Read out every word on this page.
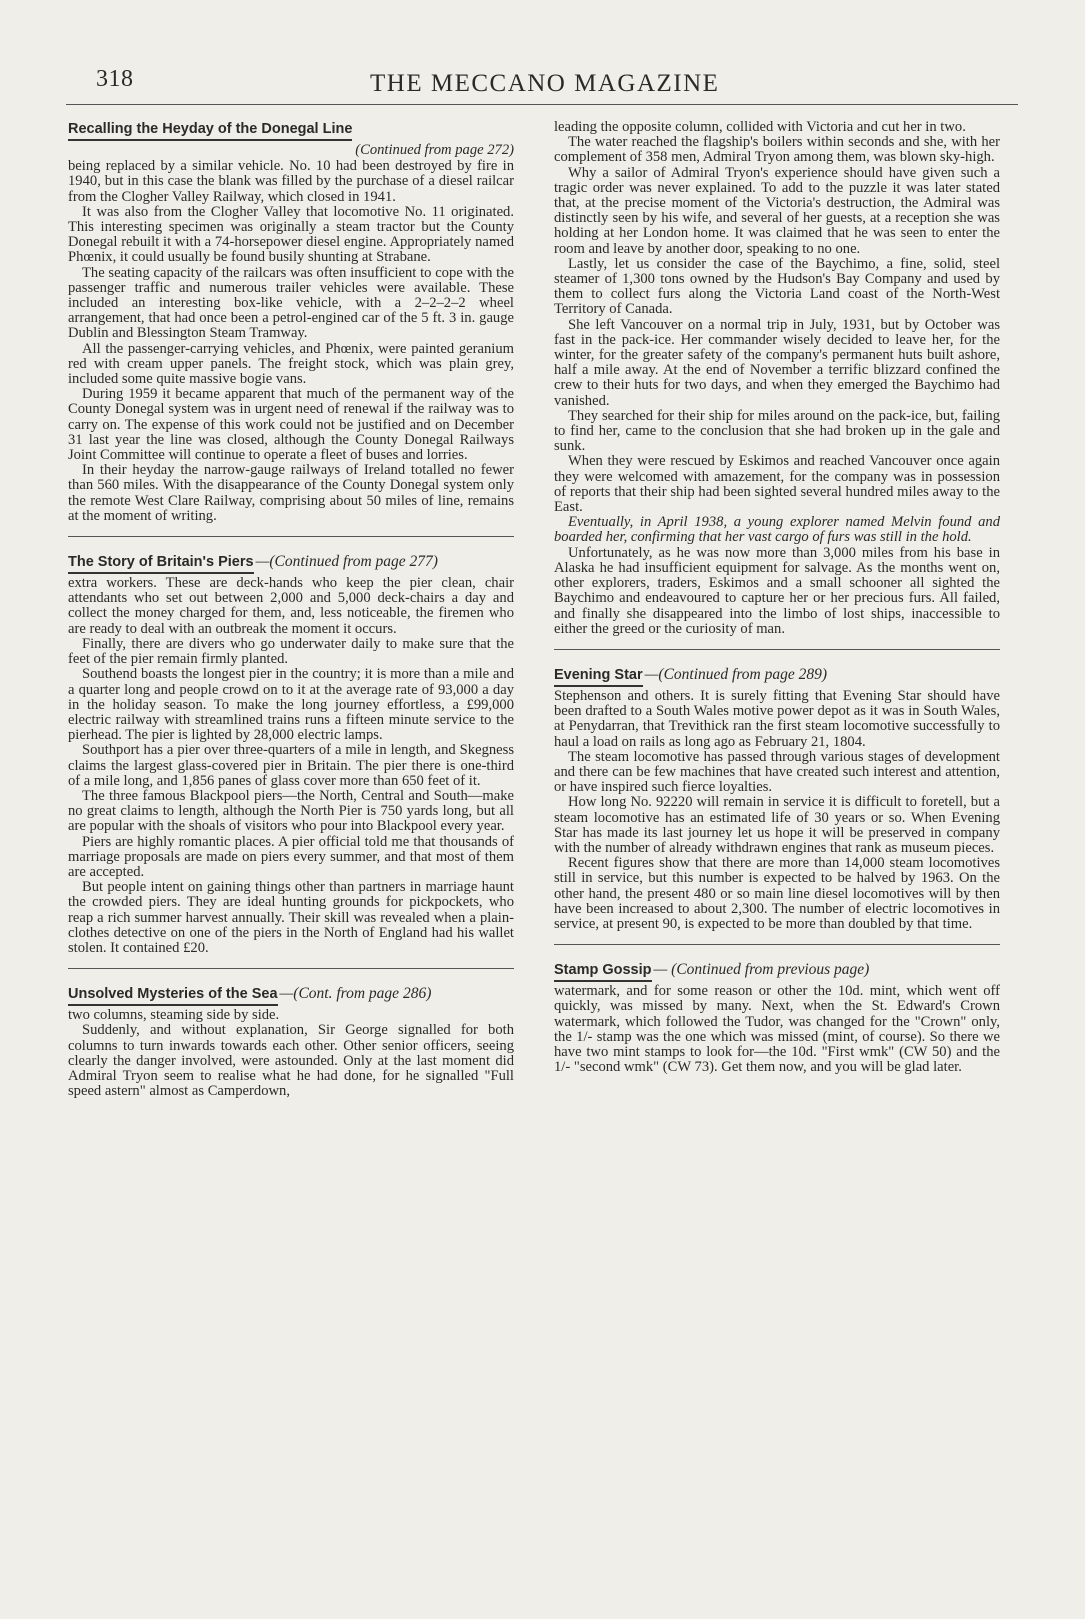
318	THE MECCANO MAGAZINE
Recalling the Heyday of the Donegal Line
(Continued from page 272)

being replaced by a similar vehicle. No. 10 had been destroyed by fire in 1940, but in this case the blank was filled by the purchase of a diesel railcar from the Clogher Valley Railway, which closed in 1941.

It was also from the Clogher Valley that locomotive No. 11 originated. This interesting specimen was originally a steam tractor but the County Donegal rebuilt it with a 74-horsepower diesel engine. Appropriately named Phœnix, it could usually be found busily shunting at Strabane.

The seating capacity of the railcars was often insufficient to cope with the passenger traffic and numerous trailer vehicles were available. These included an interesting box-like vehicle, with a 2–2–2–2 wheel arrangement, that had once been a petrol-engined car of the 5 ft. 3 in. gauge Dublin and Blessington Steam Tramway.

All the passenger-carrying vehicles, and Phœnix, were painted geranium red with cream upper panels. The freight stock, which was plain grey, included some quite massive bogie vans.

During 1959 it became apparent that much of the permanent way of the County Donegal system was in urgent need of renewal if the railway was to carry on. The expense of this work could not be justified and on December 31 last year the line was closed, although the County Donegal Railways Joint Committee will continue to operate a fleet of buses and lorries.

In their heyday the narrow-gauge railways of Ireland totalled no fewer than 560 miles. With the disappearance of the County Donegal system only the remote West Clare Railway, comprising about 50 miles of line, remains at the moment of writing.

The Story of Britain's Piers —(Continued from page 277)

extra workers. These are deck-hands who keep the pier clean, chair attendants who set out between 2,000 and 5,000 deck-chairs a day and collect the money charged for them, and, less noticeable, the firemen who are ready to deal with an outbreak the moment it occurs.

Finally, there are divers who go underwater daily to make sure that the feet of the pier remain firmly planted.

Southend boasts the longest pier in the country; it is more than a mile and a quarter long and people crowd on to it at the average rate of 93,000 a day in the holiday season. To make the long journey effortless, a £99,000 electric railway with streamlined trains runs a fifteen minute service to the pierhead. The pier is lighted by 28,000 electric lamps.

Southport has a pier over three-quarters of a mile in length, and Skegness claims the largest glass-covered pier in Britain. The pier there is one-third of a mile long, and 1,856 panes of glass cover more than 650 feet of it.

The three famous Blackpool piers—the North, Central and South—make no great claims to length, although the North Pier is 750 yards long, but all are popular with the shoals of visitors who pour into Blackpool every year.

Piers are highly romantic places. A pier official told me that thousands of marriage proposals are made on piers every summer, and that most of them are accepted.

But people intent on gaining things other than partners in marriage haunt the crowded piers. They are ideal hunting grounds for pickpockets, who reap a rich summer harvest annually. Their skill was revealed when a plain-clothes detective on one of the piers in the North of England had his wallet stolen. It contained £20.

Unsolved Mysteries of the Sea —(Cont. from page 286)

two columns, steaming side by side.

Suddenly, and without explanation, Sir George signalled for both columns to turn inwards towards each other. Other senior officers, seeing clearly the danger involved, were astounded. Only at the last moment did Admiral Tryon seem to realise what he had done, for he signalled "Full speed astern" almost as Camperdown,

leading the opposite column, collided with Victoria and cut her in two.

The water reached the flagship's boilers within seconds and she, with her complement of 358 men, Admiral Tryon among them, was blown sky-high.

Why a sailor of Admiral Tryon's experience should have given such a tragic order was never explained. To add to the puzzle it was later stated that, at the precise moment of the Victoria's destruction, the Admiral was distinctly seen by his wife, and several of her guests, at a reception she was holding at her London home. It was claimed that he was seen to enter the room and leave by another door, speaking to no one.

Lastly, let us consider the case of the Baychimo, a fine, solid, steel steamer of 1,300 tons owned by the Hudson's Bay Company and used by them to collect furs along the Victoria Land coast of the North-West Territory of Canada.

She left Vancouver on a normal trip in July, 1931, but by October was fast in the pack-ice. Her commander wisely decided to leave her, for the winter, for the greater safety of the company's permanent huts built ashore, half a mile away. At the end of November a terrific blizzard confined the crew to their huts for two days, and when they emerged the Baychimo had vanished.

They searched for their ship for miles around on the pack-ice, but, failing to find her, came to the conclusion that she had broken up in the gale and sunk.

When they were rescued by Eskimos and reached Vancouver once again they were welcomed with amazement, for the company was in possession of reports that their ship had been sighted several hundred miles away to the East.

Eventually, in April 1938, a young explorer named Melvin found and boarded her, confirming that her vast cargo of furs was still in the hold.

Unfortunately, as he was now more than 3,000 miles from his base in Alaska he had insufficient equipment for salvage. As the months went on, other explorers, traders, Eskimos and a small schooner all sighted the Baychimo and endeavoured to capture her or her precious furs. All failed, and finally she disappeared into the limbo of lost ships, inaccessible to either the greed or the curiosity of man.

Evening Star —(Continued from page 289)

Stephenson and others. It is surely fitting that Evening Star should have been drafted to a South Wales motive power depot as it was in South Wales, at Penydarran, that Trevithick ran the first steam locomotive successfully to haul a load on rails as long ago as February 21, 1804.

The steam locomotive has passed through various stages of development and there can be few machines that have created such interest and attention, or have inspired such fierce loyalties.

How long No. 92220 will remain in service it is difficult to foretell, but a steam locomotive has an estimated life of 30 years or so. When Evening Star has made its last journey let us hope it will be preserved in company with the number of already withdrawn engines that rank as museum pieces.

Recent figures show that there are more than 14,000 steam locomotives still in service, but this number is expected to be halved by 1963. On the other hand, the present 480 or so main line diesel locomotives will by then have been increased to about 2,300. The number of electric locomotives in service, at present 90, is expected to be more than doubled by that time.

Stamp Gossip — (Continued from previous page)

watermark, and for some reason or other the 10d. mint, which went off quickly, was missed by many. Next, when the St. Edward's Crown watermark, which followed the Tudor, was changed for the "Crown" only, the 1/- stamp was the one which was missed (mint, of course). So there we have two mint stamps to look for—the 10d. "First wmk" (CW 50) and the 1/- "second wmk" (CW 73). Get them now, and you will be glad later.
